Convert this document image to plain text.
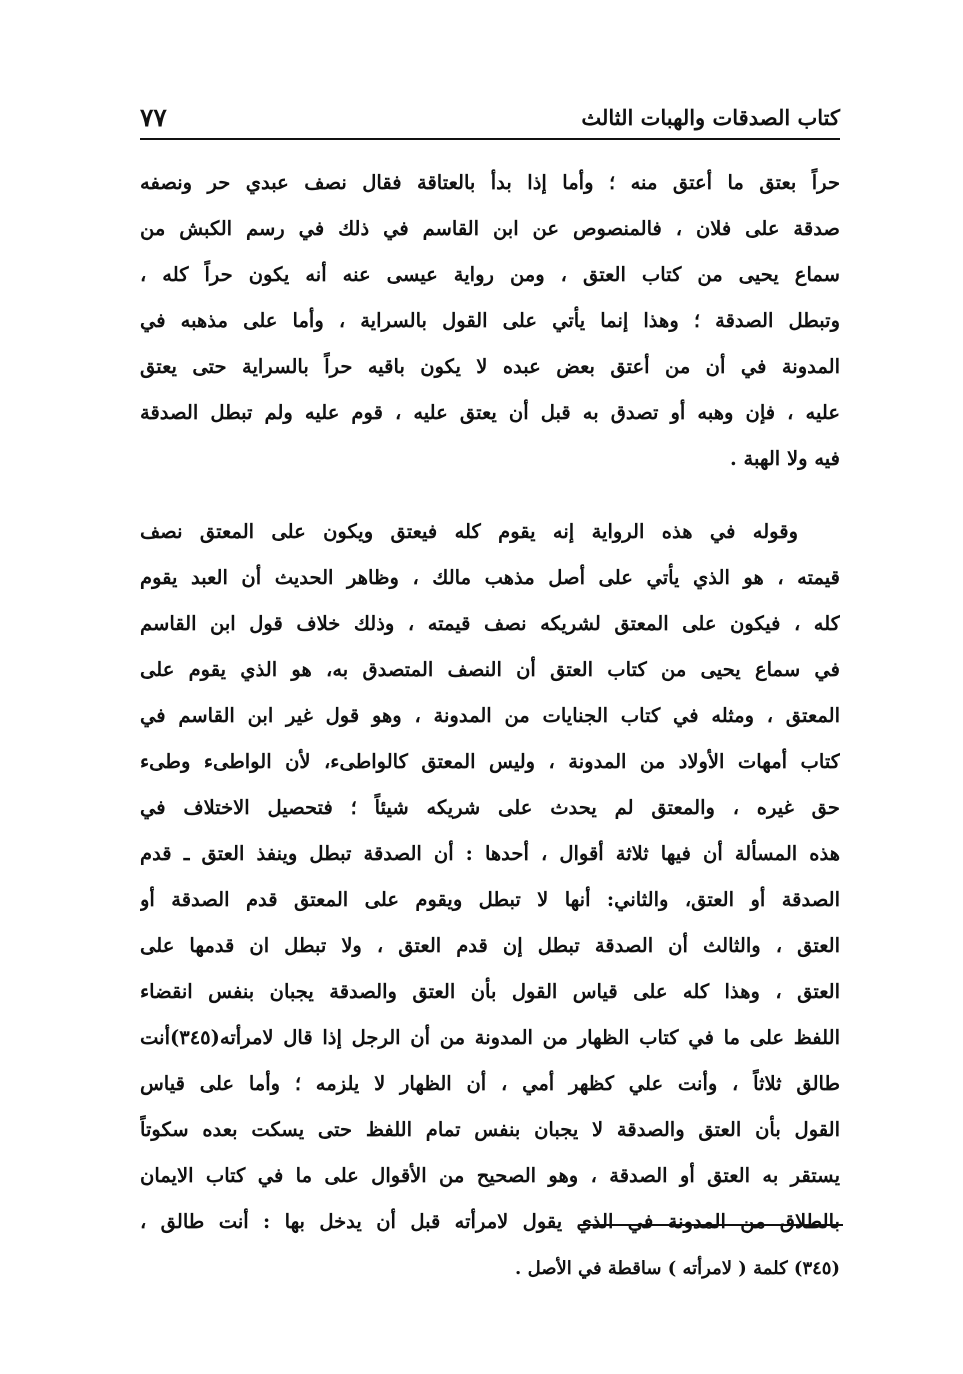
كتاب الصدقات والهبات الثالث
٧٧
حراً بعتق ما أعتق منه ؛ وأما إذا بدأ بالعتاقة فقال نصف عبدي حر ونصفه
صدقة على فلان ، فالمنصوص عن ابن القاسم في ذلك في رسم الكبش من
سماع يحيى من كتاب العتق ، ومن رواية عيسى عنه أنه يكون حراً كله ،
وتبطل الصدقة ؛ وهذا إنما يأتي على القول بالسراية ، وأما على مذهبه في
المدونة في أن من أعتق بعض عبده لا يكون باقيه حراً بالسراية حتى يعتق
عليه ، فإن وهبه أو تصدق به قبل أن يعتق عليه ، قوم عليه ولم تبطل الصدقة
فيه ولا الهبة .
وقوله في هذه الرواية إنه يقوم كله فيعتق ويكون على المعتق نصف
قيمته ، هو الذي يأتي على أصل مذهب مالك ، وظاهر الحديث أن العبد يقوم
كله ، فيكون على المعتق لشريكه نصف قيمته ، وذلك خلاف قول ابن القاسم
في سماع يحيى من كتاب العتق أن النصف المتصدق به، هو الذي يقوم على
المعتق ، ومثله في كتاب الجنايات من المدونة ، وهو قول غير ابن القاسم في
كتاب أمهات الأولاد من المدونة ، وليس المعتق كالواطىء، لأن الواطىء وطىء
حق غيره ، والمعتق لم يحدث على شريكه شيئاً ؛ فتحصيل الاختلاف في
هذه المسألة أن فيها ثلاثة أقوال ، أحدها : أن الصدقة تبطل وينفذ العتق ـ قدم
الصدقة أو العتق، والثاني: أنها لا تبطل ويقوم على المعتق قدم الصدقة أو
العتق ، والثالث أن الصدقة تبطل إن قدم العتق ، ولا تبطل ان قدمها على
العتق ، وهذا كله على قياس القول بأن العتق والصدقة يجبان بنفس انقضاء
اللفظ على ما في كتاب الظهار من المدونة من أن الرجل إذا قال لامرأته(٣٤٥)أنت
طالق ثلاثاً ، وأنت علي كظهر أمي ، أن الظهار لا يلزمه ؛ وأما على قياس
القول بأن العتق والصدقة لا يجبان بنفس تمام اللفظ حتى يسكت بعده سكوتاً
يستقر به العتق أو الصدقة ، وهو الصحيح من الأقوال على ما في كتاب الايمان
بالطلاق من المدونة في الذي يقول لامرأته قبل أن يدخل بها : أنت طالق ،
(٣٤٥) كلمة ( لامرأته ) ساقطة في الأصل .
